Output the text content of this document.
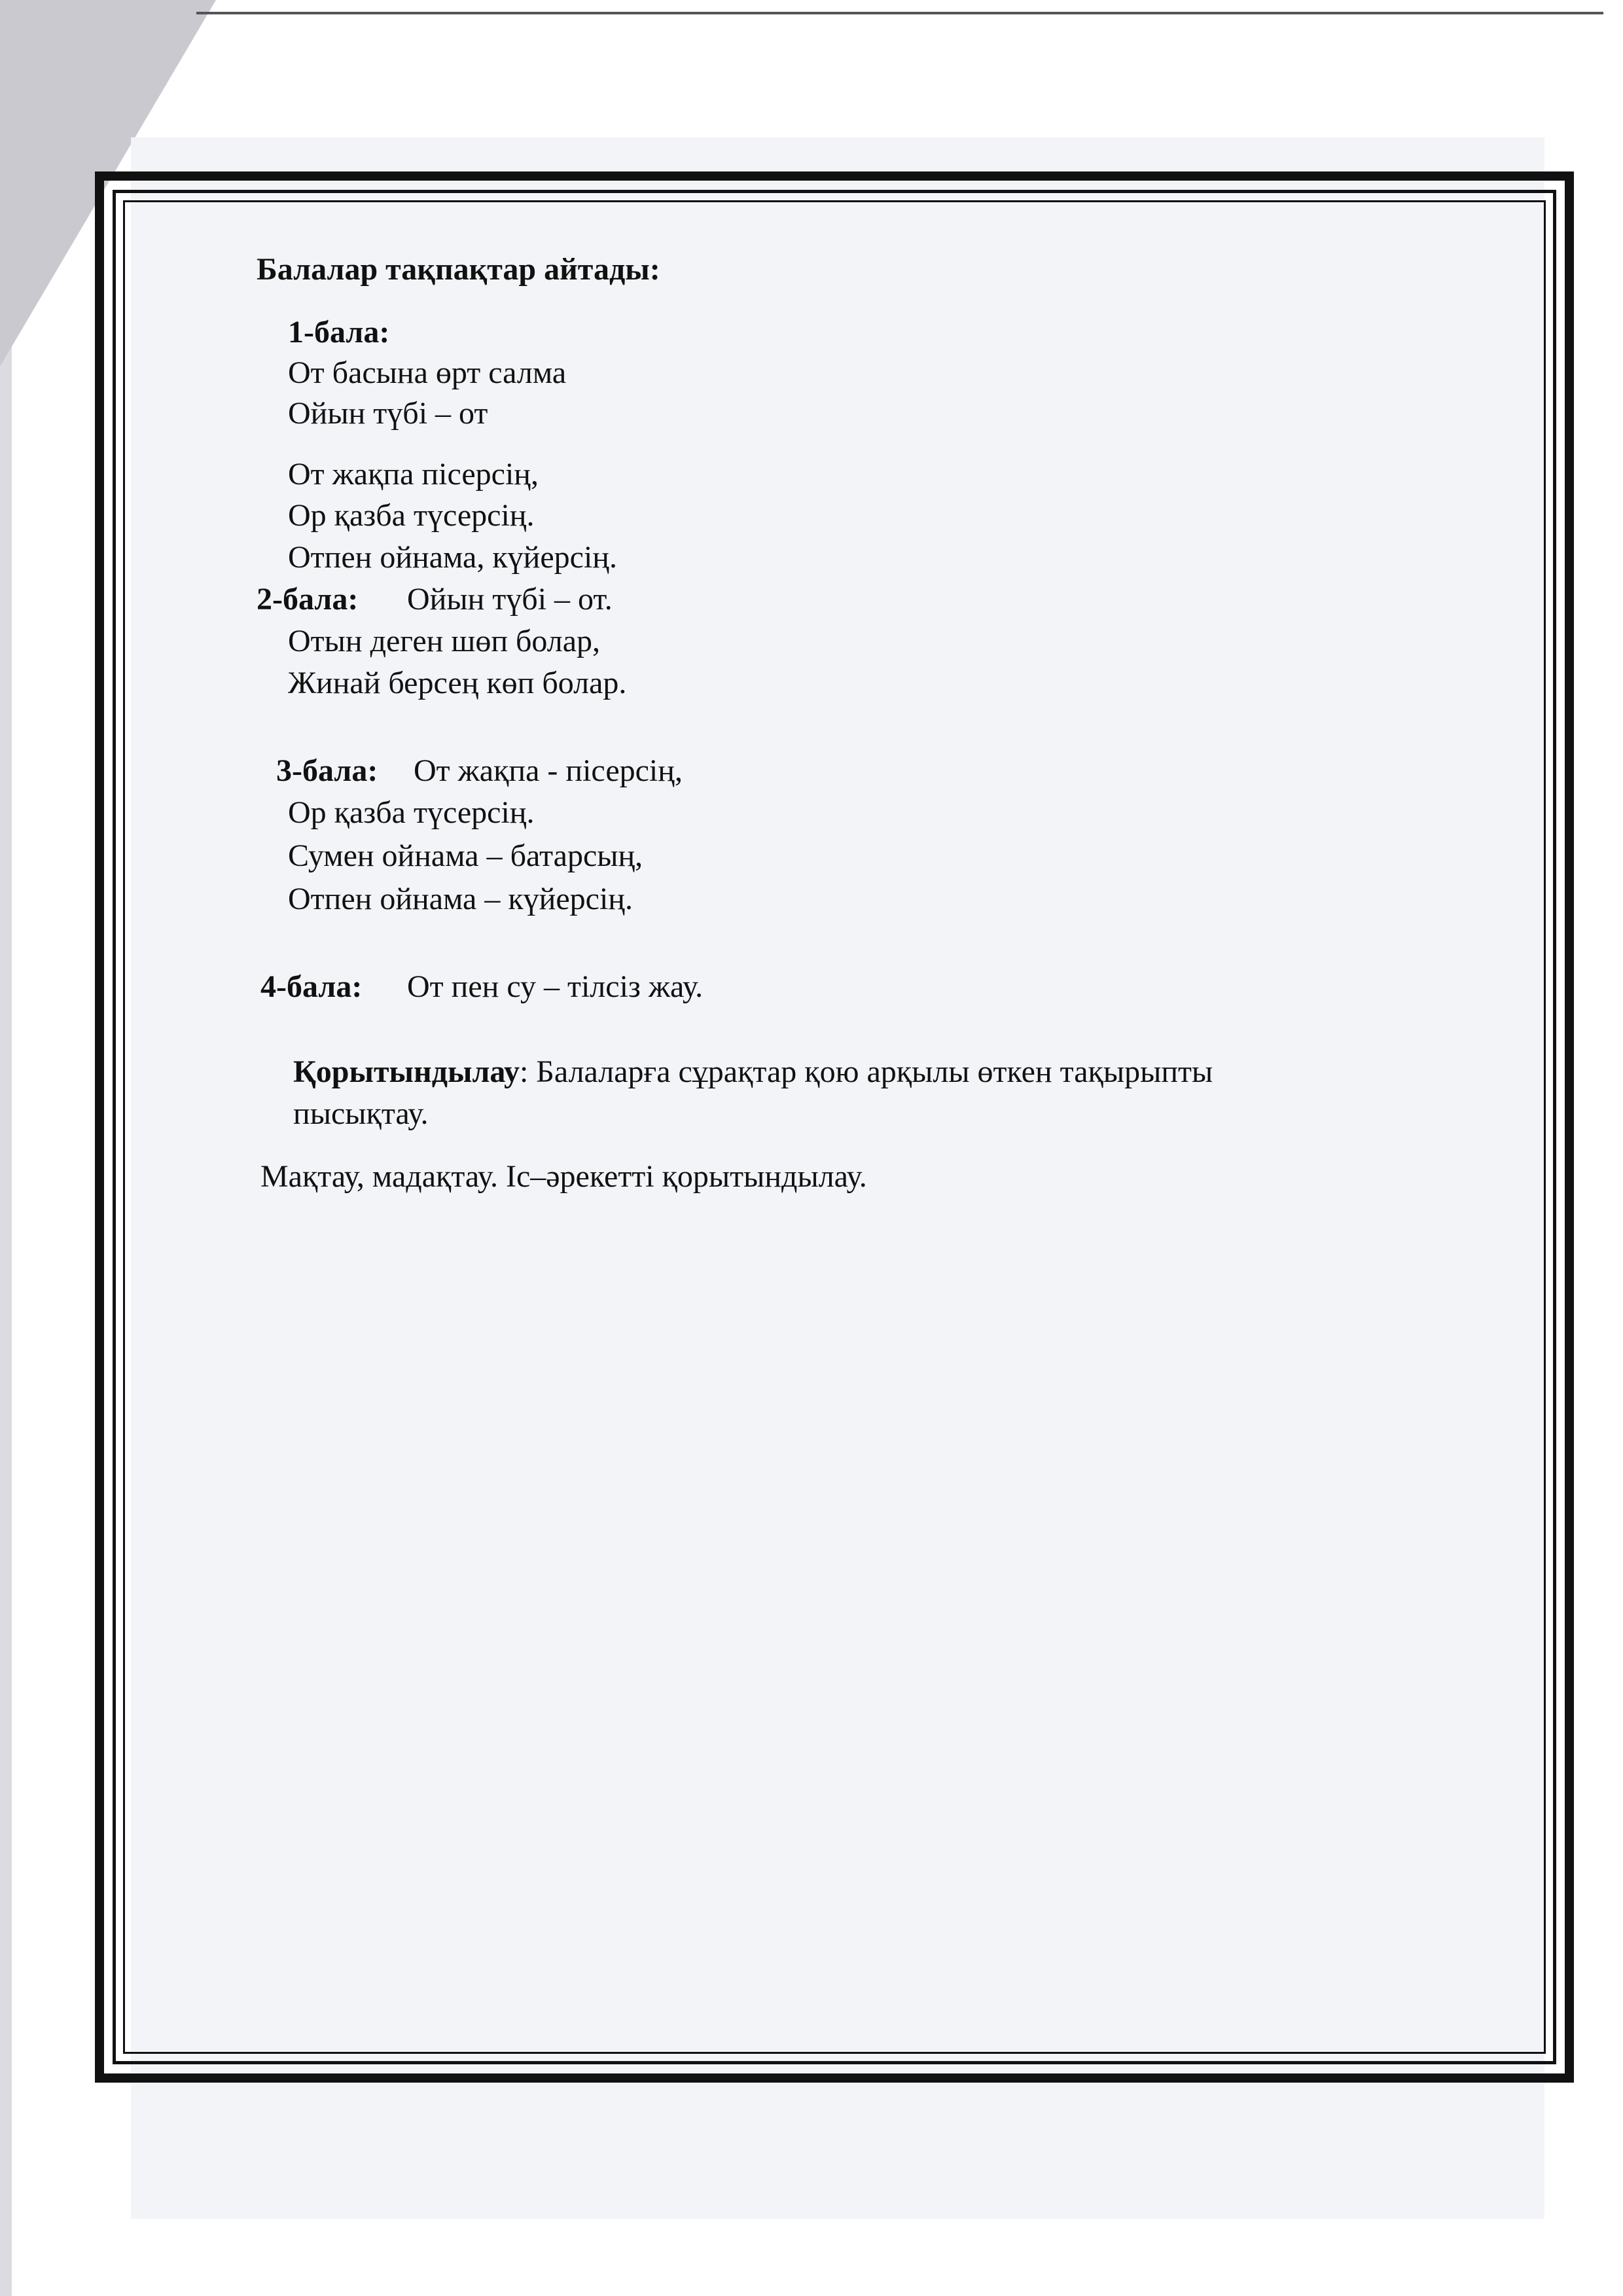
Балалар тақпақтар айтады:
1-бала:
От басына өрт салма
Ойын түбі – от
От жақпа пісерсің,
Ор қазба түсерсің.
Отпен ойнама, күйерсің.
2-бала: Ойын түбі – от.
Отын деген шөп болар,
Жинай берсең көп болар.
3-бала: От жақпа - пісерсің,
Ор қазба түсерсің.
Сумен ойнама – батарсың,
Отпен ойнама – күйерсің.
4-бала: От пен су – тілсіз жау.
Қорытындылау: Балаларға сұрақтар қою арқылы өткен тақырыпты
пысықтау.
Мақтау, мадақтау. Іс–әрекетті қорытындылау.
